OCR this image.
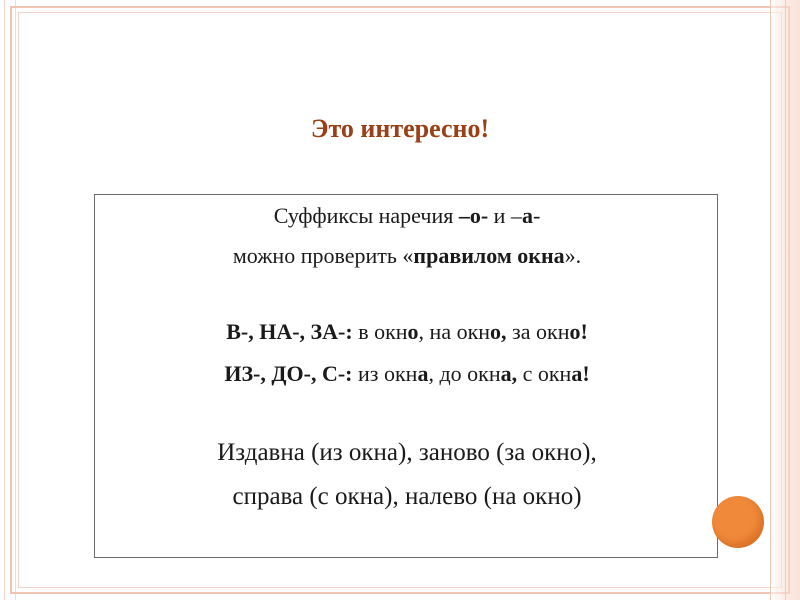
Это интересно!
Суффиксы наречия –о- и –а-
можно проверить «правилом окна».
В-, НА-, ЗА-: в окно, на окно, за окно!
ИЗ-, ДО-, С-: из окна, до окна, с окна!
Издавна (из окна), заново (за окно),
справа (с окна), налево (на окно)
